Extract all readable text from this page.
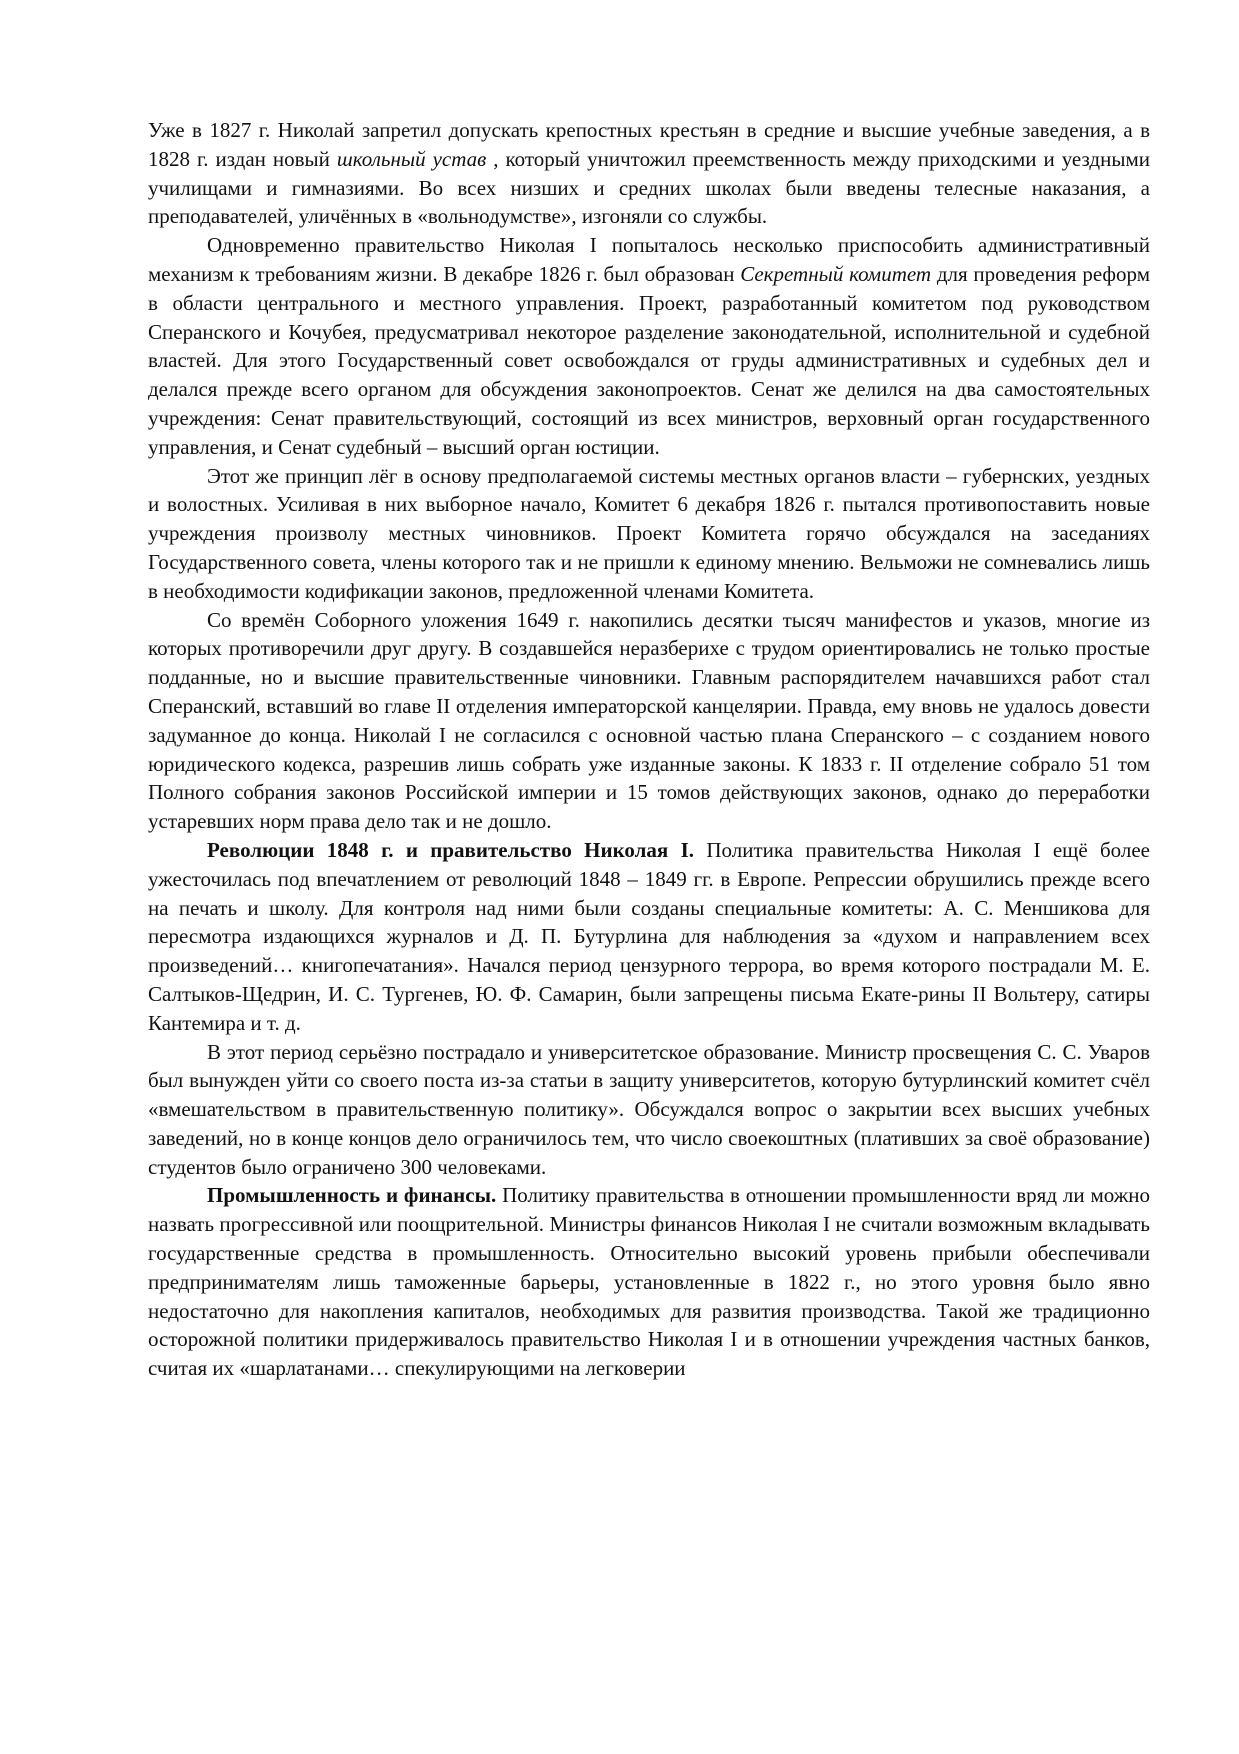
Уже в 1827 г. Николай запретил допускать крепостных крестьян в средние и высшие учебные заведения, а в 1828 г. издан новый школьный устав , который уничтожил преемственность между приходскими и уездными училищами и гимназиями. Во всех низших и средних школах были введены телесные наказания, а преподавателей, уличённых в «вольнодумстве», изгоняли со службы.

Одновременно правительство Николая I попыталось несколько приспособить административный механизм к требованиям жизни. В декабре 1826 г. был образован Секретный комитет для проведения реформ в области центрального и местного управления. Проект, разработанный комитетом под руководством Сперанского и Кочубея, предусматривал некоторое разделение законодательной, исполнительной и судебной властей. Для этого Государственный совет освобождался от груды административных и судебных дел и делался прежде всего органом для обсуждения законопроектов. Сенат же делился на два самостоятельных учреждения: Сенат правительствующий, состоящий из всех министров, верховный орган государственного управления, и Сенат судебный – высший орган юстиции.

Этот же принцип лёг в основу предполагаемой системы местных органов власти – губернских, уездных и волостных. Усиливая в них выборное начало, Комитет 6 декабря 1826 г. пытался противопоставить новые учреждения произволу местных чиновников. Проект Комитета горячо обсуждался на заседаниях Государственного совета, члены которого так и не пришли к единому мнению. Вельможи не сомневались лишь в необходимости кодификации законов, предложенной членами Комитета.

Со времён Соборного уложения 1649 г. накопились десятки тысяч манифестов и указов, многие из которых противоречили друг другу. В создавшейся неразберихе с трудом ориентировались не только простые подданные, но и высшие правительственные чиновники. Главным распорядителем начавшихся работ стал Сперанский, вставший во главе II отделения императорской канцелярии. Правда, ему вновь не удалось довести задуманное до конца. Николай I не согласился с основной частью плана Сперанского – с созданием нового юридического кодекса, разрешив лишь собрать уже изданные законы. К 1833 г. II отделение собрало 51 том Полного собрания законов Российской империи и 15 томов действующих законов, однако до переработки устаревших норм права дело так и не дошло.

Революции 1848 г. и правительство Николая I. Политика правительства Николая I ещё более ужесточилась под впечатлением от революций 1848 – 1849 гг. в Европе. Репрессии обрушились прежде всего на печать и школу. Для контроля над ними были созданы специальные комитеты: А. С. Меншикова для пересмотра издающихся журналов и Д. П. Бутурлина для наблюдения за «духом и направлением всех произведений… книгопечатания». Начался период цензурного террора, во время которого пострадали М. Е. Салтыков-Щедрин, И. С. Тургенев, Ю. Ф. Самарин, были запрещены письма Екате-рины II Вольтеру, сатиры Кантемира и т. д.

В этот период серьёзно пострадало и университетское образование. Министр просвещения С. С. Уваров был вынужден уйти со своего поста из-за статьи в защиту университетов, которую бутурлинский комитет счёл «вмешательством в правительственную политику». Обсуждался вопрос о закрытии всех высших учебных заведений, но в конце концов дело ограничилось тем, что число своекоштных (плативших за своё образование) студентов было ограничено 300 человеками.

Промышленность и финансы. Политику правительства в отношении промышленности вряд ли можно назвать прогрессивной или поощрительной. Министры финансов Николая I не считали возможным вкладывать государственные средства в промышленность. Относительно высокий уровень прибыли обеспечивали предпринимателям лишь таможенные барьеры, установленные в 1822 г., но этого уровня было явно недостаточно для накопления капиталов, необходимых для развития производства. Такой же традиционно осторожной политики придерживалось правительство Николая I и в отношении учреждения частных банков, считая их «шарлатанами… спекулирующими на легковерии
